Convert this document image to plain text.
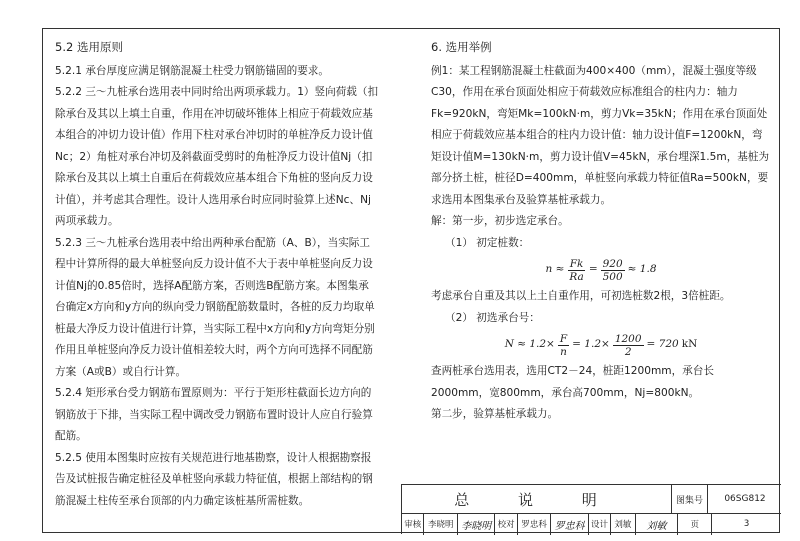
5.2 选用原则

5.2.1 承台厚度应满足钢筋混凝土柱受力钢筋锚固的要求。

5.2.2 三～九桩承台选用表中同时给出两项承载力。1）竖向荷载（扣除承台及其以上填土自重，作用在冲切破坏锥体上相应于荷载效应基本组合的冲切力设计值）作用下柱对承台冲切时的单桩净反力设计值Nc；2）角桩对承台冲切及斜截面受剪时的角桩净反力设计值Nj（扣除承台及其以上填土自重后在荷载效应基本组合下角桩的竖向反力设计值），并考虑其合理性。设计人选用承台时应同时验算上述Nc、Nj两项承载力。

5.2.3 三～九桩承台选用表中给出两种承台配筋（A、B），当实际工程中计算所得的最大单桩竖向反力设计值不大于表中单桩竖向反力设计值Nj的0.85倍时，选择A配筋方案，否则选B配筋方案。本图集承台确定x方向和y方向的纵向受力钢筋配筋数量时，各桩的反力均取单桩最大净反力设计值进行计算，当实际工程中x方向和y方向弯矩分别作用且单桩竖向净反力设计值相差较大时，两个方向可选择不同配筋方案（A或B）或自行计算。

5.2.4 矩形承台受力钢筋布置原则为：平行于矩形柱截面长边方向的钢筋放于下排，当实际工程中调改受力钢筋布置时设计人应自行验算配筋。

5.2.5 使用本图集时应按有关规范进行地基勘察，设计人根据勘察报告及试桩报告确定桩径及单桩竖向承载力特征值，根据上部结构的钢筋混凝土柱传至承台顶部的内力确定该桩基所需桩数。

6. 选用举例

例1：某工程钢筋混凝土柱截面为400×400（mm），混凝土强度等级C30，作用在承台顶面处相应于荷载效应标准组合的柱内力：轴力Fk=920kN，弯矩Mk=100kN·m，剪力Vk=35kN；作用在承台顶面处相应于荷载效应基本组合的柱内力设计值：轴力设计值F=1200kN，弯矩设计值M=130kN·m，剪力设计值V=45kN，承台埋深1.5m，基桩为部分挤土桩，桩径D=400mm，单桩竖向承载力特征值Ra=500kN，要求选用本图集承台及验算基桩承载力。

解：第一步，初步选定承台。

（1） 初定桩数：

$n \approx \frac{Fk}{Ra} = \frac{920}{500} \approx 1.8$

考虑承台自重及其以上土自重作用，可初选桩数2根，3倍桩距。

（2） 初选承台号：

$N \approx 1.2\times \frac{F}{n} = 1.2\times \frac{1200}{2} = 720$ kN

查两桩承台选用表，选用CT2－24，桩距1200mm，承台长2000mm，宽800mm，承台高700mm，Nj=800kN。

第二步，验算基桩承载力。

总 说 明	图集号	06SG812
审核 李晓明 李晓明 校对 罗忠科 罗忠科 设计 刘敏	刘敏	页	3
